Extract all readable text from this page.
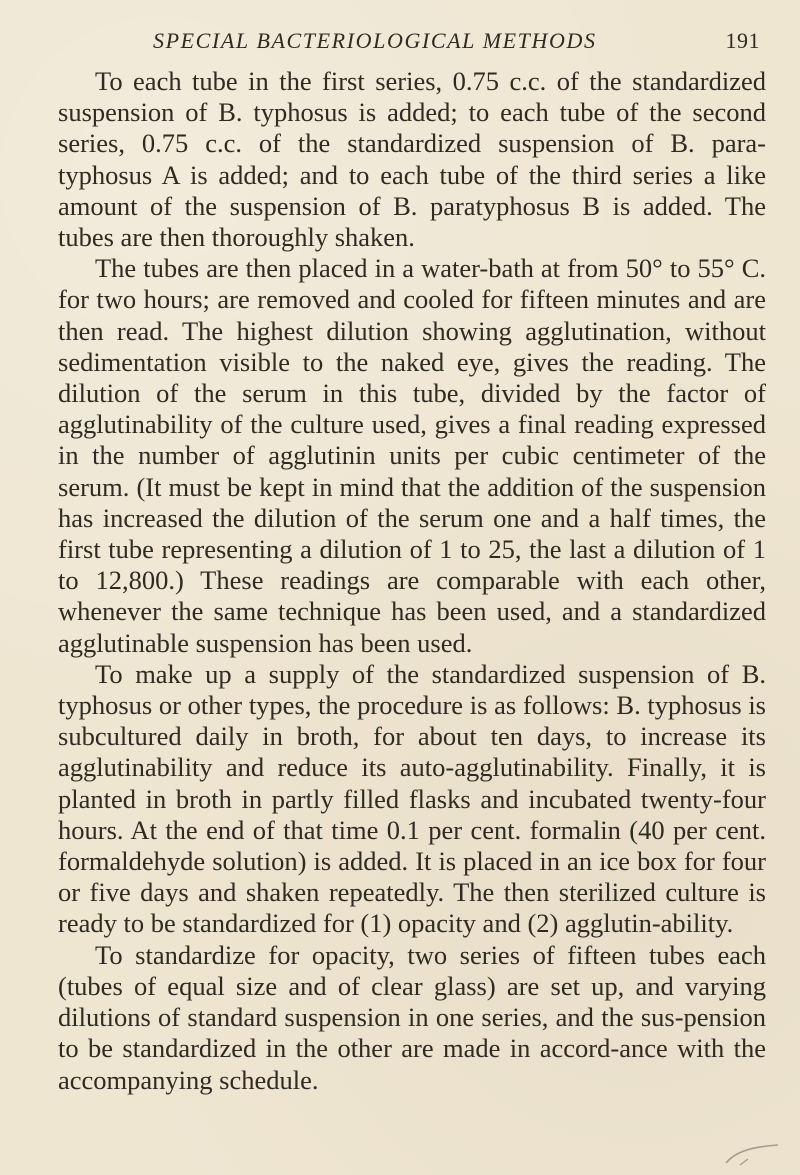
SPECIAL BACTERIOLOGICAL METHODS	191

To each tube in the first series, 0.75 c.c. of the standardized suspension of B. typhosus is added; to each tube of the second series, 0.75 c.c. of the standardized suspension of B. para-typhosus A is added; and to each tube of the third series a like amount of the suspension of B. paratyphosus B is added. The tubes are then thoroughly shaken.

The tubes are then placed in a water-bath at from 50° to 55° C. for two hours; are removed and cooled for fifteen minutes and are then read. The highest dilution showing agglutination, without sedimentation visible to the naked eye, gives the reading. The dilution of the serum in this tube, divided by the factor of agglutinability of the culture used, gives a final reading expressed in the number of agglutinin units per cubic centimeter of the serum. (It must be kept in mind that the addition of the suspension has increased the dilution of the serum one and a half times, the first tube representing a dilution of 1 to 25, the last a dilution of 1 to 12,800.) These readings are comparable with each other, whenever the same technique has been used, and a standardized agglutinable suspension has been used.

To make up a supply of the standardized suspension of B. typhosus or other types, the procedure is as follows: B. typhosus is subcultured daily in broth, for about ten days, to increase its agglutinability and reduce its auto-agglutinability. Finally, it is planted in broth in partly filled flasks and incubated twenty-four hours. At the end of that time 0.1 per cent. formalin (40 per cent. formaldehyde solution) is added. It is placed in an ice box for four or five days and shaken repeatedly. The then sterilized culture is ready to be standardized for (1) opacity and (2) agglutin-ability.

To standardize for opacity, two series of fifteen tubes each (tubes of equal size and of clear glass) are set up, and varying dilutions of standard suspension in one series, and the sus-pension to be standardized in the other are made in accord-ance with the accompanying schedule.
